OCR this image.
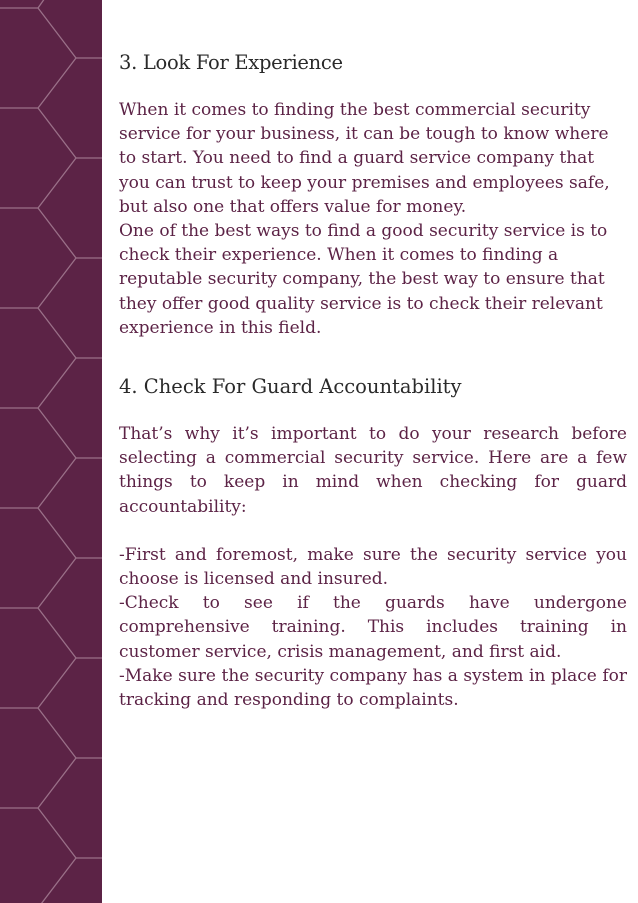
3. Look For Experience
When it comes to finding the best commercial security service for your business, it can be tough to know where to start. You need to find a guard service company that you can trust to keep your premises and employees safe, but also one that offers value for money.
One of the best ways to find a good security service is to check their experience. When it comes to finding a reputable security company, the best way to ensure that they offer good quality service is to check their relevant experience in this field.
4. Check For Guard Accountability
That’s why it’s important to do your research before selecting a commercial security service. Here are a few things to keep in mind when checking for guard accountability:
-First and foremost, make sure the security service you choose is licensed and insured.
-Check to see if the guards have undergone comprehensive training. This includes training in customer service, crisis management, and first aid.
-Make sure the security company has a system in place for tracking and responding to complaints.
